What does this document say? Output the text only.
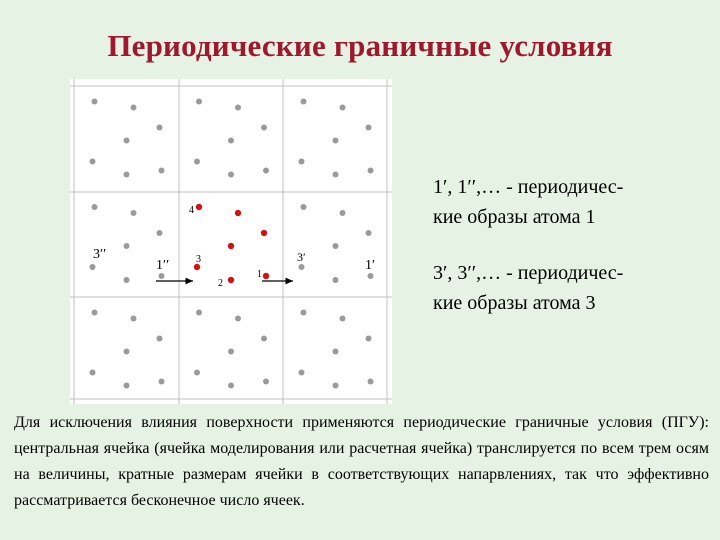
Периодические граничные условия
4
3
2
1
3′′
1′′
3′
1′
1′, 1′′,… - периодичес-
кие образы атома 1
3′, 3′′,… - периодичес-
кие образы атома 3
Для исключения влияния поверхности применяются периодические граничные условия (ПГУ): центральная ячейка (ячейка моделирования или расчетная ячейка) транслируется по всем трем осям на величины, кратные размерам ячейки в соответствующих напарвлениях, так что эффективно рассматривается бесконечное число ячеек.
